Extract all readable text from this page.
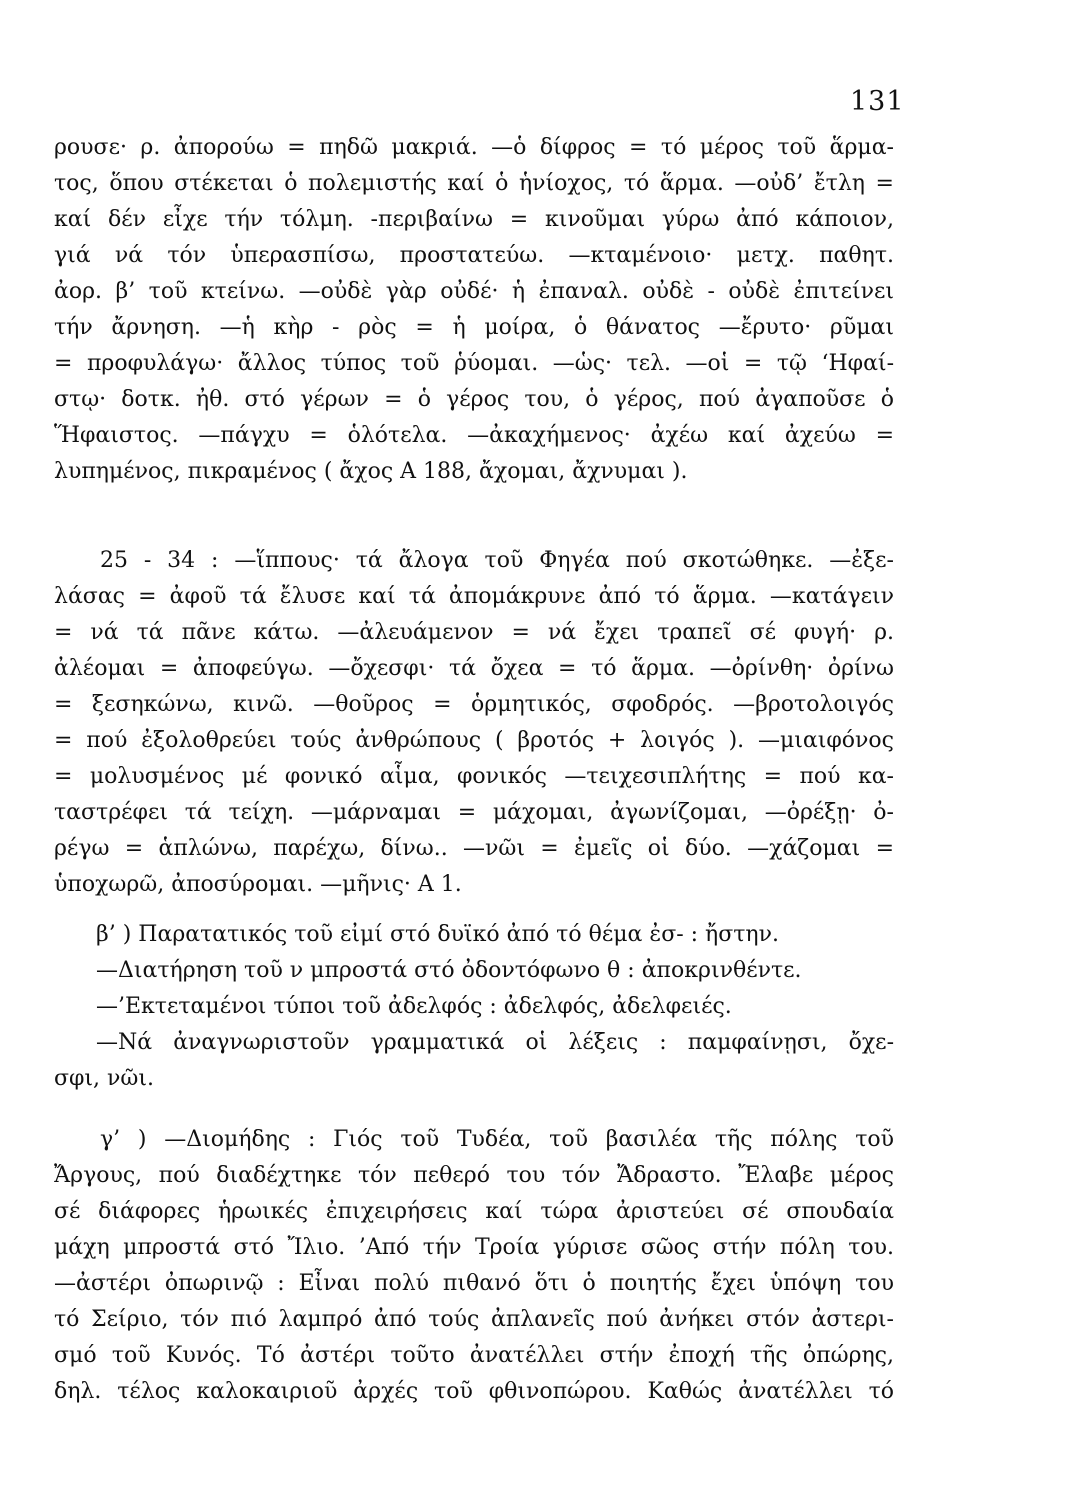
131
ρουσε· ρ. ἀπορούω = πηδῶ μακριά. —ὁ δίφρος = τό μέρος τοῦ ἅρμα-
τος, ὅπου στέκεται ὁ πολεμιστής καί ὁ ἡνίοχος, τό ἅρμα. —οὐδ’ ἔτλη =
καί δέν εἶχε τήν τόλμη. -περιβαίνω = κινοῦμαι γύρω ἀπό κάποιον,
γιά νά τόν ὑπερασπίσω, προστατεύω. —κταμένοιο· μετχ. παθητ.
ἀορ. β’ τοῦ κτείνω. —οὐδὲ γὰρ οὐδέ· ἡ ἐπαναλ. οὐδὲ - οὐδὲ ἐπιτείνει
τήν ἄρνηση. —ἡ κὴρ - ρὸς = ἡ μοίρα, ὁ θάνατος —ἔρυτο· ρῦμαι
= προφυλάγω· ἄλλος τύπος τοῦ ῥύομαι. —ὡς· τελ. —οἱ = τῷ ‘Ηφαί-
στῳ· δοτκ. ἠθ. στό γέρων = ὁ γέρος του, ὁ γέρος, πού ἀγαποῦσε ὁ
Ἥφαιστος. —πάγχυ = ὁλότελα. —ἀκαχήμενος· ἀχέω καί ἀχεύω =
λυπημένος, πικραμένος ( ἄχος Α 188, ἄχομαι, ἄχνυμαι ).
25 - 34 : —ἵππους· τά ἄλογα τοῦ Φηγέα πού σκοτώθηκε. —ἐξε-
λάσας = ἀφοῦ τά ἔλυσε καί τά ἀπομάκρυνε ἀπό τό ἅρμα. —κατάγειν
= νά τά πᾶνε κάτω. —ἀλευάμενον = νά ἔχει τραπεῖ σέ φυγή· ρ.
ἀλέομαι = ἀποφεύγω. —ὄχεσφι· τά ὄχεα = τό ἅρμα. —ὀρίνθη· ὀρίνω
= ξεσηκώνω, κινῶ. —θοῦρος = ὁρμητικός, σφοδρός. —βροτολοιγός
= πού ἐξολοθρεύει τούς ἀνθρώπους ( βροτός + λοιγός ). —μιαιφόνος
= μολυσμένος μέ φονικό αἷμα, φονικός —τειχεσιπλήτης = πού κα-
ταστρέφει τά τείχη. —μάρναμαι = μάχομαι, ἀγωνίζομαι, —ὀρέξῃ· ὀ-
ρέγω = ἁπλώνω, παρέχω, δίνω.. —νῶι = ἐμεῖς οἱ δύο. —χάζομαι =
ὑποχωρῶ, ἀποσύρομαι. —μῆνις· Α 1.
β’ ) Παρατατικός τοῦ εἰμί στό δυϊκό ἀπό τό θέμα ἐσ- : ἤστην.
—Διατήρηση τοῦ ν μπροστά στό ὀδοντόφωνο θ : ἀποκρινθέντε.
—’Εκτεταμένοι τύποι τοῦ ἀδελφός : ἀδελφός, ἀδελφειές.
—Νά ἀναγνωριστοῦν γραμματικά οἱ λέξεις : παμφαίνῃσι, ὄχε-
σφι, νῶι.
γ’ ) —Διομήδης : Γιός τοῦ Τυδέα, τοῦ βασιλέα τῆς πόλης τοῦ
Ἄργους, πού διαδέχτηκε τόν πεθερό του τόν Ἄδραστο. Ἔλαβε μέρος
σέ διάφορες ἡρωικές ἐπιχειρήσεις καί τώρα ἀριστεύει σέ σπουδαία
μάχη μπροστά στό Ἴλιο. ’Από τήν Τροία γύρισε σῶος στήν πόλη του.
—ἀστέρι ὀπωρινῷ : Εἶναι πολύ πιθανό ὅτι ὁ ποιητής ἔχει ὑπόψη του
τό Σείριο, τόν πιό λαμπρό ἀπό τούς ἀπλανεῖς πού ἀνήκει στόν ἀστερι-
σμό τοῦ Κυνός. Τό ἀστέρι τοῦτο ἀνατέλλει στήν ἐποχή τῆς ὀπώρης,
δηλ. τέλος καλοκαιριοῦ ἀρχές τοῦ φθινοπώρου. Καθώς ἀνατέλλει τό
